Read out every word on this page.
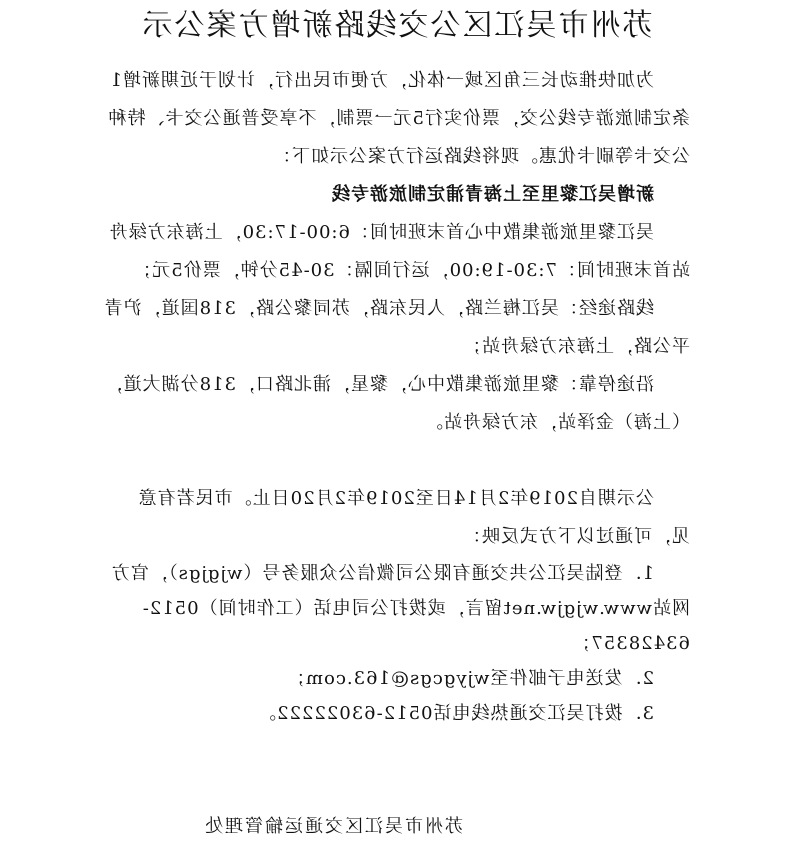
苏州市吴江区公交线路新增方案公示

为加快推动长三角区域一体化，方便市民出行，计划于近期新增1条定制旅游专线公交，票价实行5元一票制，不享受普通公交卡、特种公交卡等刷卡优惠。现将线路运行方案公示如下：

新增吴江黎里至上海青浦定制旅游专线

吴江黎里旅游集散中心首末班时间：6:00-17:30，上海东方绿舟站首末班时间：7:30-19:00，运行间隔：30-45分钟，票价5元；

线路途经：吴江梅兰路，人民东路，苏同黎公路，318国道，沪青平公路，上海东方绿舟站；

沿途停靠：黎里旅游集散中心，黎星，浦北路口，318分湖大道，（上海）金泽站，东方绿舟站。

公示期自2019年2月14日至2019年2月20日止。市民若有意见，可通过以下方式反映：

1．登陆吴江公共交通有限公司微信公众服务号（wjgjgs），官方网站www.wjgjw.net留言，或拨打公司电话（工作时间）0512-63428357；

2．发送电子邮件至wjygcgs@163.com；

3．拨打吴江交通热线电话0512-63022222。

苏州市吴江区交通运输管理处
